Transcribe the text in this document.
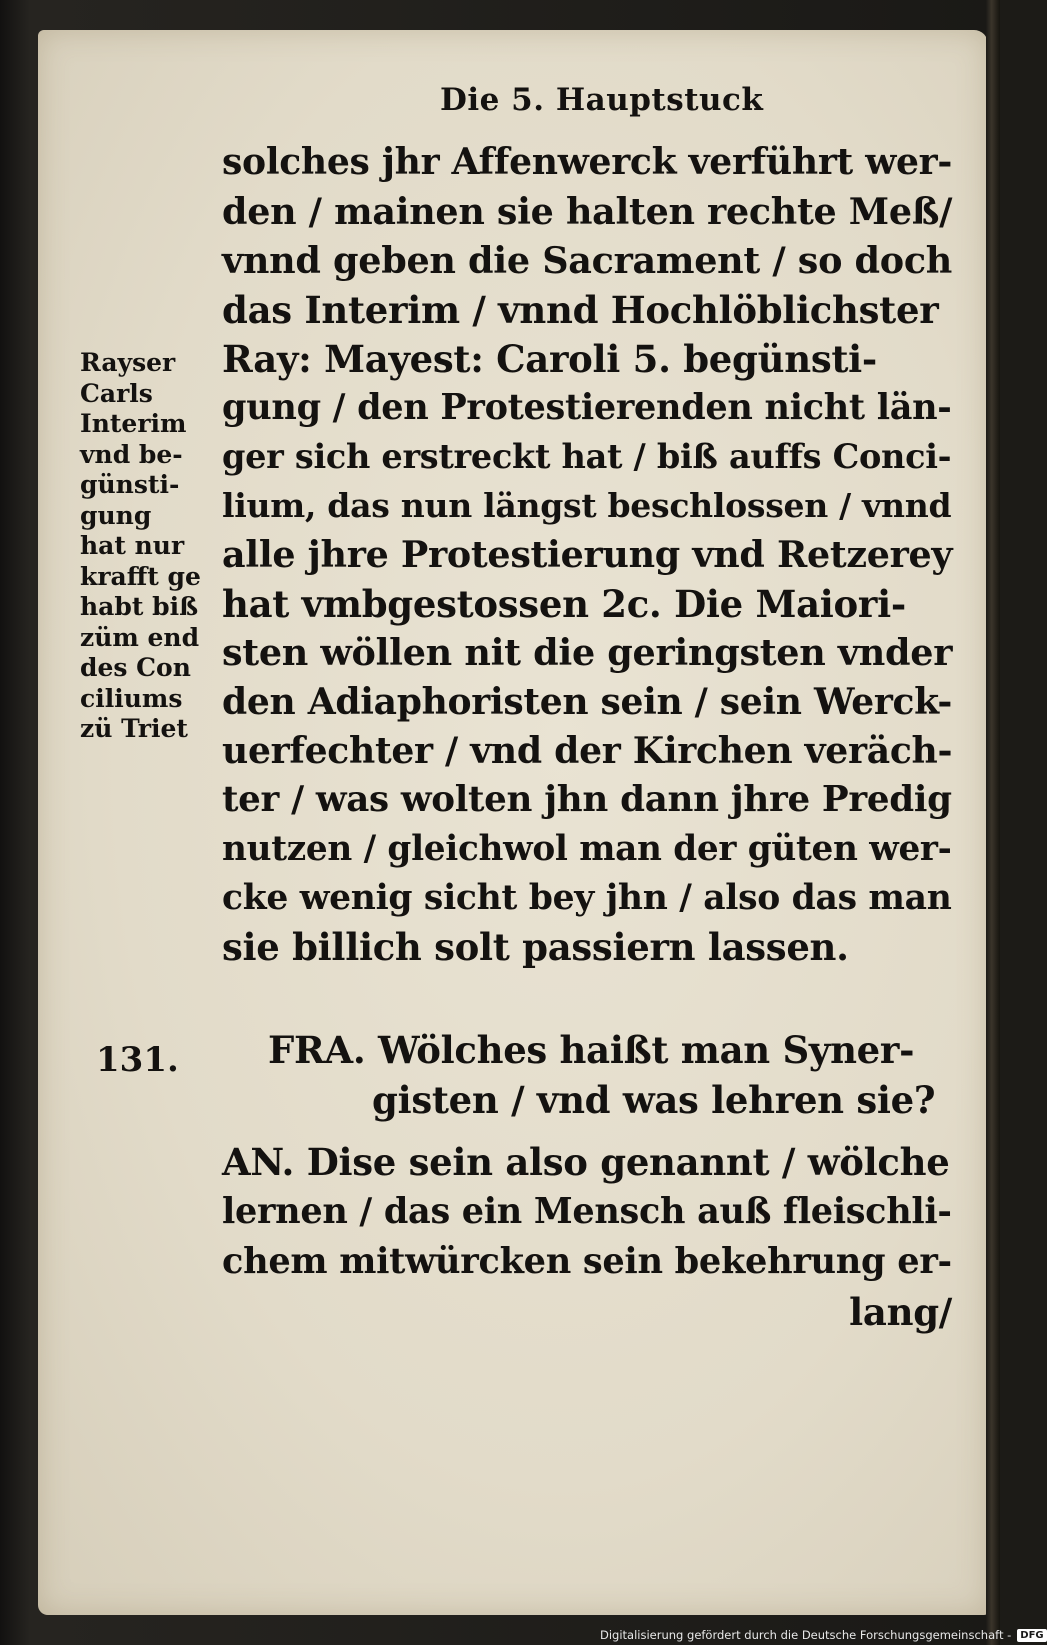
Die 5. Hauptstuck
solches jhr Affenwerck verführt wer-
den / mainen sie halten rechte Meß/
vnnd geben die Sacrament / so doch
das Interim / vnnd Hochlöblichster
Ray: Mayest: Caroli 5. begünsti-
gung / den Protestierenden nicht län-
ger sich erstreckt hat / biß auffs Conci-
lium, das nun längst beschlossen / vnnd
alle jhre Protestierung vnd Retzerey
hat vmbgestossen 2c. Die Maiori-
sten wöllen nit die geringsten vnder
den Adiaphoristen sein / sein Werck-
uerfechter / vnd der Kirchen veräch-
ter / was wolten jhn dann jhre Predig
nutzen / gleichwol man der güten wer-
cke wenig sicht bey jhn / also das man
sie billich solt passiern lassen.
Rayser
Carls
Interim
vnd be-
günsti-
gung
hat nur
krafft ge
habt biß
züm end
des Con
ciliums
zü Triet
131. FRA. Wölches haißt man Syner-
gisten / vnd was lehren sie?
AN. Dise sein also genannt / wölche
lernen / das ein Mensch auß fleischli-
chem mitwürcken sein bekehrung er-
lang/
Digitalisierung gefördert durch die Deutsche Forschungsgemeinschaft - DFG
